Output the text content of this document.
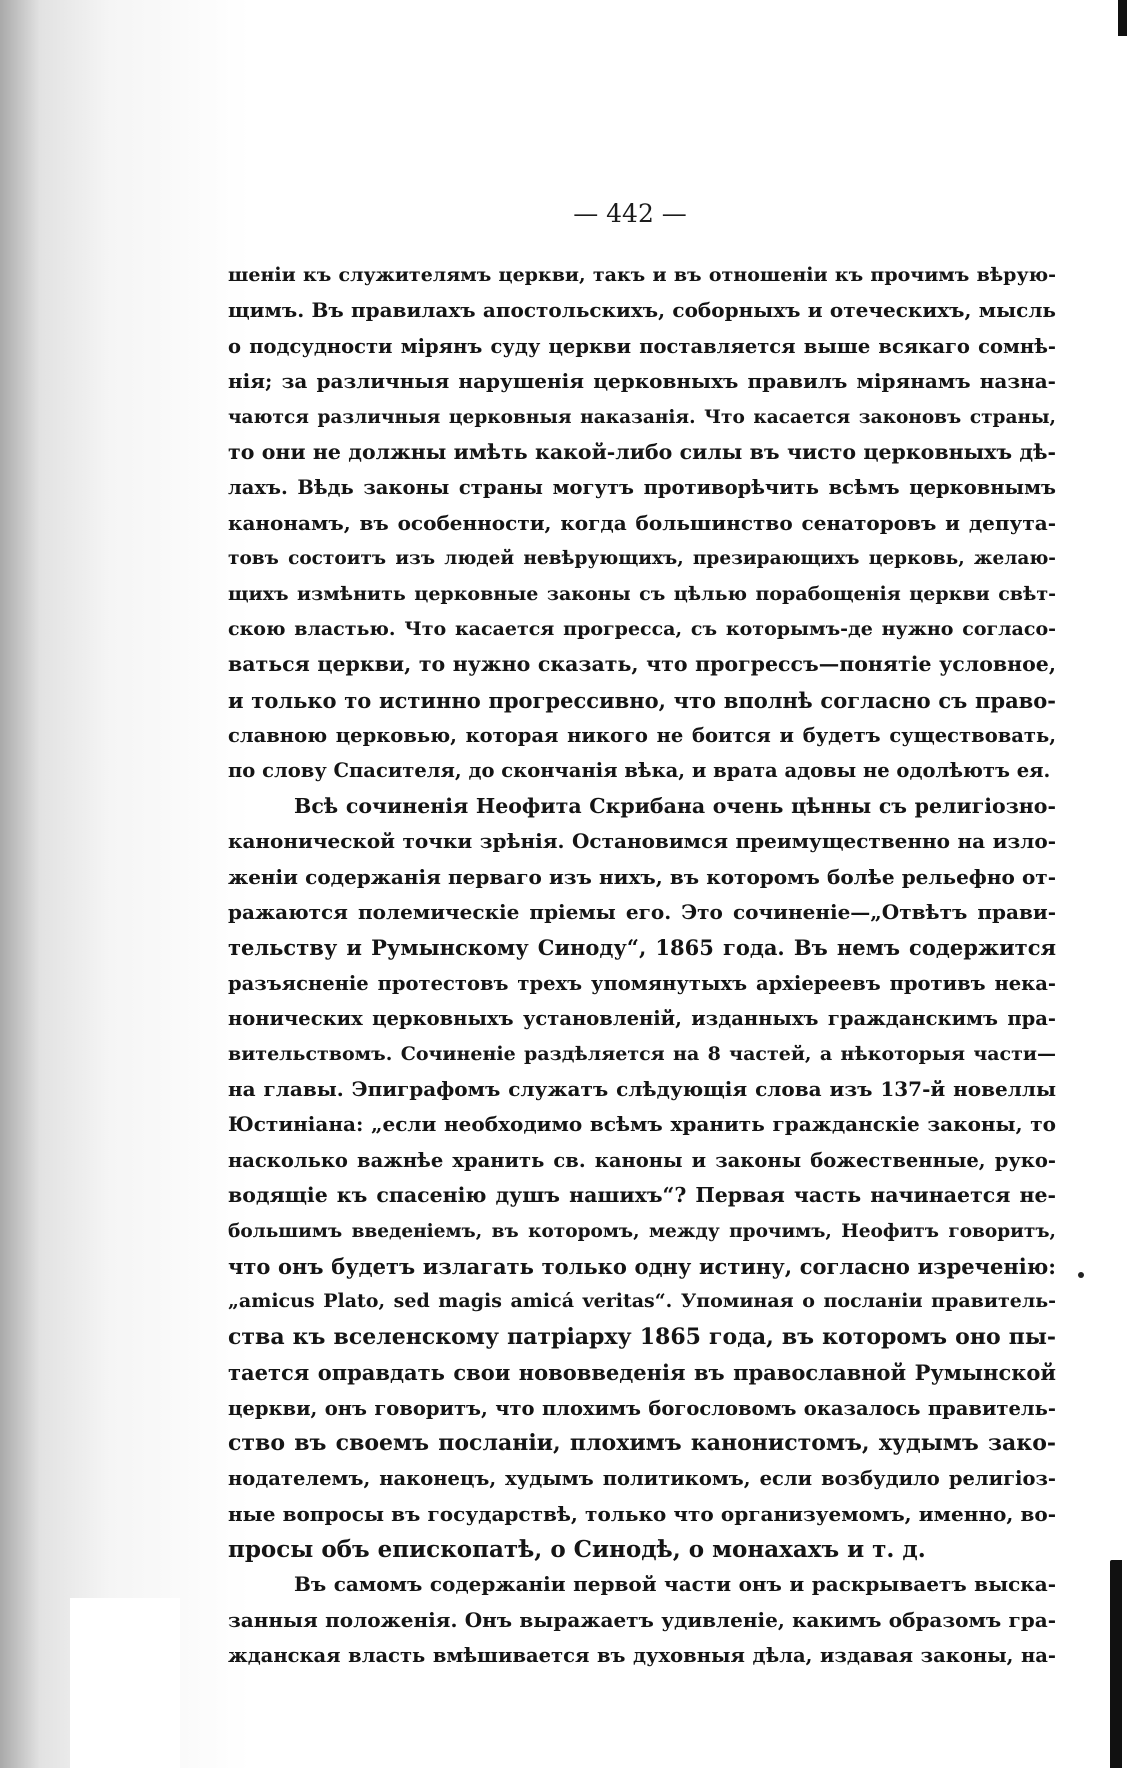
— 442 —
шенiи къ служителямъ церкви, такъ и въ отношенiи къ прочимъ вѣрую-
щимъ. Въ правилахъ апостольскихъ, соборныхъ и отеческихъ, мысль
о подсудности мiрянъ суду церкви поставляется выше всякаго сомнѣ-
нiя; за различныя нарушенiя церковныхъ правилъ мiрянамъ назна-
чаются различныя церковныя наказанiя. Что касается законовъ страны,
то они не должны имѣть какой-либо силы въ чисто церковныхъ дѣ-
лахъ. Вѣдь законы страны могутъ противорѣчить всѣмъ церковнымъ
канонамъ, въ особенности, когда большинство сенаторовъ и депута-
товъ состоитъ изъ людей невѣрующихъ, презирающихъ церковь, желаю-
щихъ измѣнить церковные законы съ цѣлью порабощенiя церкви свѣт-
скою властью. Что касается прогресса, съ которымъ-де нужно согласо-
ваться церкви, то нужно сказать, что прогрессъ—понятiе условное,
и только то истинно прогрессивно, что вполнѣ согласно съ право-
славною церковью, которая никого не боится и будетъ существовать,
по слову Спасителя, до скончанiя вѣка, и врата адовы не одолѣютъ ея.
Всѣ сочиненiя Неофита Скрибана очень цѣнны съ религiозно-
канонической точки зрѣнiя. Остановимся преимущественно на изло-
женiи содержанiя перваго изъ нихъ, въ которомъ болѣе рельефно от-
ражаются полемическiе прiемы его. Это сочиненiе—„Отвѣтъ прави-
тельству и Румынскому Синоду“, 1865 года. Въ немъ содержится
разъясненiе протестовъ трехъ упомянутыхъ архiереевъ противъ нека-
нонических церковныхъ установленiй, изданныхъ гражданскимъ пра-
вительствомъ. Сочиненiе раздѣляется на 8 частей, а нѣкоторыя части—
на главы. Эпиграфомъ служатъ слѣдующiя слова изъ 137-й новеллы
Юстинiана: „если необходимо всѣмъ хранить гражданскiе законы, то
насколько важнѣе хранить св. каноны и законы божественные, руко-
водящiе къ спасенiю душъ нашихъ“? Первая часть начинается не-
большимъ введенiемъ, въ которомъ, между прочимъ, Неофитъ говоритъ,
что онъ будетъ излагать только одну истину, согласно изреченiю:
„amicus Plato, sed magis amicá veritas“. Упоминая о посланiи правитель-
ства къ вселенскому патрiарху 1865 года, въ которомъ оно пы-
тается оправдать свои нововведенiя въ православной Румынской
церкви, онъ говоритъ, что плохимъ богословомъ оказалось правитель-
ство въ своемъ посланiи, плохимъ канонистомъ, худымъ зако-
нодателемъ, наконецъ, худымъ политикомъ, если возбудило религiоз-
ные вопросы въ государствѣ, только что организуемомъ, именно, во-
просы объ епископатѣ, о Синодѣ, о монахахъ и т. д.
Въ самомъ содержанiи первой части онъ и раскрываетъ выска-
занныя положенiя. Онъ выражаетъ удивленiе, какимъ образомъ гра-
жданская власть вмѣшивается въ духовныя дѣла, издавая законы, на-
